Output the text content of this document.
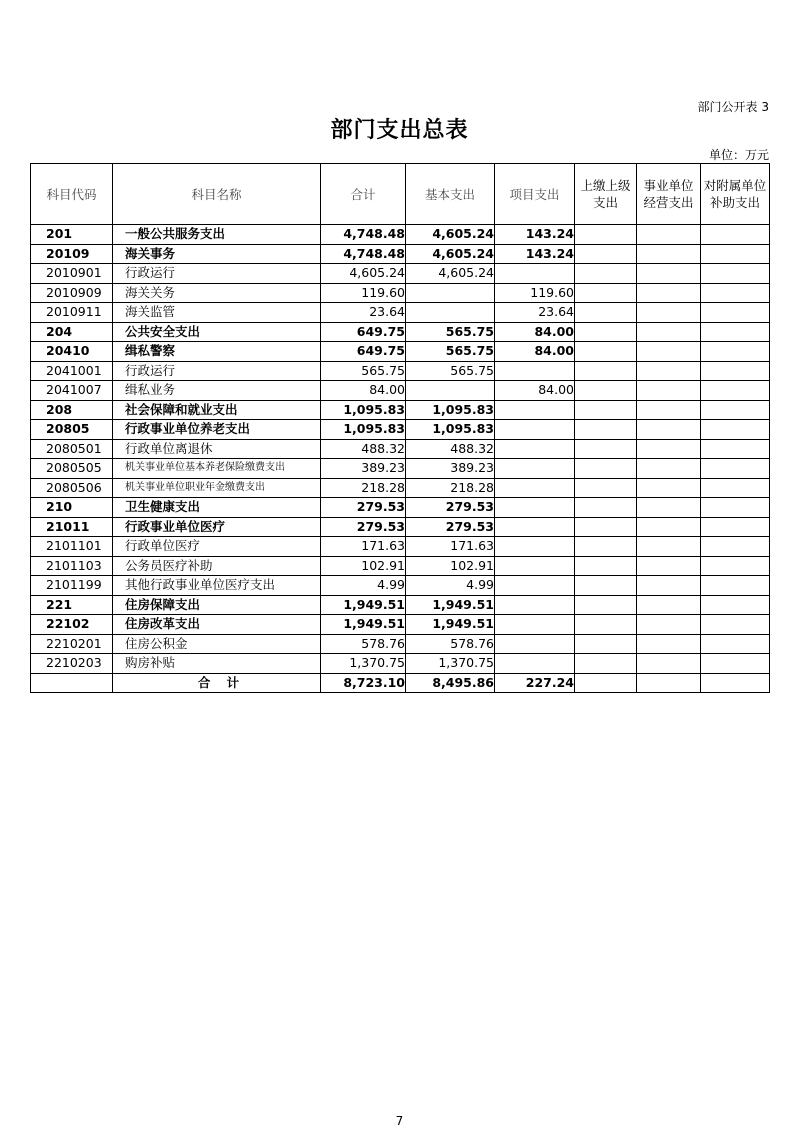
部门公开表 3
部门支出总表
单位：万元
科目代码	科目名称	合计	基本支出	项目支出	上缴上级支出	事业单位经营支出	对附属单位补助支出
201	一般公共服务支出	4,748.48	4,605.24	143.24			
20109	海关事务	4,748.48	4,605.24	143.24			
2010901	行政运行	4,605.24	4,605.24				
2010909	海关关务	119.60		119.60			
2010911	海关监管	23.64		23.64			
204	公共安全支出	649.75	565.75	84.00			
20410	缉私警察	649.75	565.75	84.00			
2041001	行政运行	565.75	565.75				
2041007	缉私业务	84.00		84.00			
208	社会保障和就业支出	1,095.83	1,095.83				
20805	行政事业单位养老支出	1,095.83	1,095.83				
2080501	行政单位离退休	488.32	488.32				
2080505	机关事业单位基本养老保险缴费支出	389.23	389.23				
2080506	机关事业单位职业年金缴费支出	218.28	218.28				
210	卫生健康支出	279.53	279.53				
21011	行政事业单位医疗	279.53	279.53				
2101101	行政单位医疗	171.63	171.63				
2101103	公务员医疗补助	102.91	102.91				
2101199	其他行政事业单位医疗支出	4.99	4.99				
221	住房保障支出	1,949.51	1,949.51				
22102	住房改革支出	1,949.51	1,949.51				
2210201	住房公积金	578.76	578.76				
2210203	购房补贴	1,370.75	1,370.75				
	合 计	8,723.10	8,495.86	227.24			
7
